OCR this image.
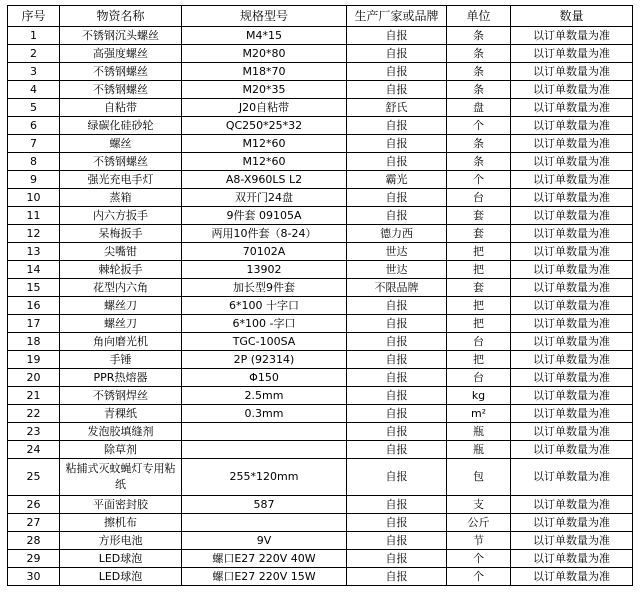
序号	物资名称	规格型号	生产厂家或品牌	单位	数量
1	不锈钢沉头螺丝	M4*15	自报	条	以订单数量为准
2	高强度螺丝	M20*80	自报	条	以订单数量为准
3	不锈钢螺丝	M18*70	自报	条	以订单数量为准
4	不锈钢螺丝	M20*35	自报	条	以订单数量为准
5	自粘带	J20自粘带	舒氏	盘	以订单数量为准
6	绿碳化硅砂轮	QC250*25*32	自报	个	以订单数量为准
7	螺丝	M12*60	自报	条	以订单数量为准
8	不锈钢螺丝	M12*60	自报	条	以订单数量为准
9	强光充电手灯	A8-X960LS L2	霸光	个	以订单数量为准
10	蒸箱	双开门24盘	自报	台	以订单数量为准
11	内六方扳手	9件套 09105A	自报	套	以订单数量为准
12	呆梅扳手	两用10件套（8-24）	德力西	套	以订单数量为准
13	尖嘴钳	70102A	世达	把	以订单数量为准
14	棘轮扳手	13902	世达	把	以订单数量为准
15	花型内六角	加长型9件套	不限品牌	套	以订单数量为准
16	螺丝刀	6*100 十字口	自报	把	以订单数量为准
17	螺丝刀	6*100 -字口	自报	把	以订单数量为准
18	角向磨光机	TGC-100SA	自报	台	以订单数量为准
19	手锤	2P (92314)	自报	把	以订单数量为准
20	PPR热熔器	Φ150	自报	台	以订单数量为准
21	不锈钢焊丝	2.5mm	自报	kg	以订单数量为准
22	青稞纸	0.3mm	自报	m²	以订单数量为准
23	发泡胶填缝剂		自报	瓶	以订单数量为准
24	除草剂		自报	瓶	以订单数量为准
25	粘捕式灭蚊蝇灯专用粘纸	255*120mm	自报	包	以订单数量为准
26	平面密封胶	587	自报	支	以订单数量为准
27	擦机布		自报	公斤	以订单数量为准
28	方形电池	9V	自报	节	以订单数量为准
29	LED球泡	螺口E27 220V 40W	自报	个	以订单数量为准
30	LED球泡	螺口E27 220V 15W	自报	个	以订单数量为准
